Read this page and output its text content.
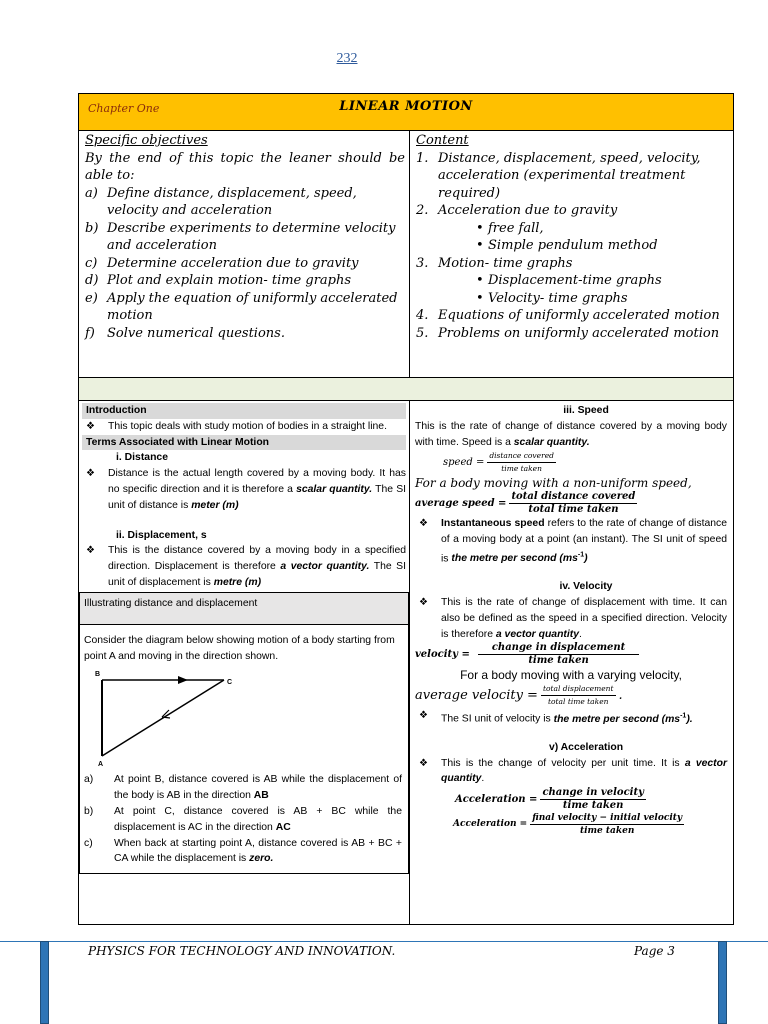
232
Chapter One	LINEAR MOTION
Specific objectives
By the end of this topic the leaner should be able to:
a) Define distance, displacement, speed, velocity and acceleration
b) Describe experiments to determine velocity and acceleration
c) Determine acceleration due to gravity
d) Plot and explain motion- time graphs
e) Apply the equation of uniformly accelerated motion
f) Solve numerical questions.
Content
1. Distance, displacement, speed, velocity, acceleration (experimental treatment required)
2. Acceleration due to gravity
• free fall,
• Simple pendulum method
3. Motion- time graphs
• Displacement-time graphs
• Velocity- time graphs
4. Equations of uniformly accelerated motion
5. Problems on uniformly accelerated motion
Introduction
❖ This topic deals with study motion of bodies in a straight line.
Terms Associated with Linear Motion
i. Distance
❖ Distance is the actual length covered by a moving body. It has no specific direction and it is therefore a scalar quantity. The SI unit of distance is meter (m)
ii. Displacement, s
❖ This is the distance covered by a moving body in a specified direction. Displacement is therefore a vector quantity. The SI unit of displacement is metre (m)
Illustrating distance and displacement
Consider the diagram below showing motion of a body starting from point A and moving in the direction shown.
B
C
A
a) At point B, distance covered is AB while the displacement of the body is AB in the direction AB
b) At point C, distance covered is AB + BC while the displacement is AC in the direction AC
c) When back at starting point A, distance covered is AB + BC + CA while the displacement is zero.
iii. Speed
This is the rate of change of distance covered by a moving body with time. Speed is a scalar quantity.
speed = $\frac{\text{distance covered}}{\text{time taken}}$
For a body moving with a non-uniform speed,
average speed = $\frac{\text{total distance covered}}{\text{total time taken}}$
❖ Instantaneous speed refers to the rate of change of distance of a moving body at a point (an instant). The SI unit of speed is the metre per second $(ms^{-1})$
iv. Velocity
❖ This is the rate of change of displacement with time. It can also be defined as the speed in a specified direction. Velocity is therefore a vector quantity.
velocity = $\frac{\text{change in displacement}}{\text{time taken}}$
For a body moving with a varying velocity,
average velocity = $\frac{\text{total displacement}}{\text{total time taken}}$ .
❖ The SI unit of velocity is the metre per second $(ms^{-1})$.
v) Acceleration
❖ This is the change of velocity per unit time. It is a vector quantity.
Acceleration = $\frac{\text{change in velocity}}{\text{time taken}}$
Acceleration = $\frac{\text{final velocity − initial velocity}}{\text{time taken}}$
PHYSICS FOR TECHNOLOGY AND INNOVATION.	Page 3
